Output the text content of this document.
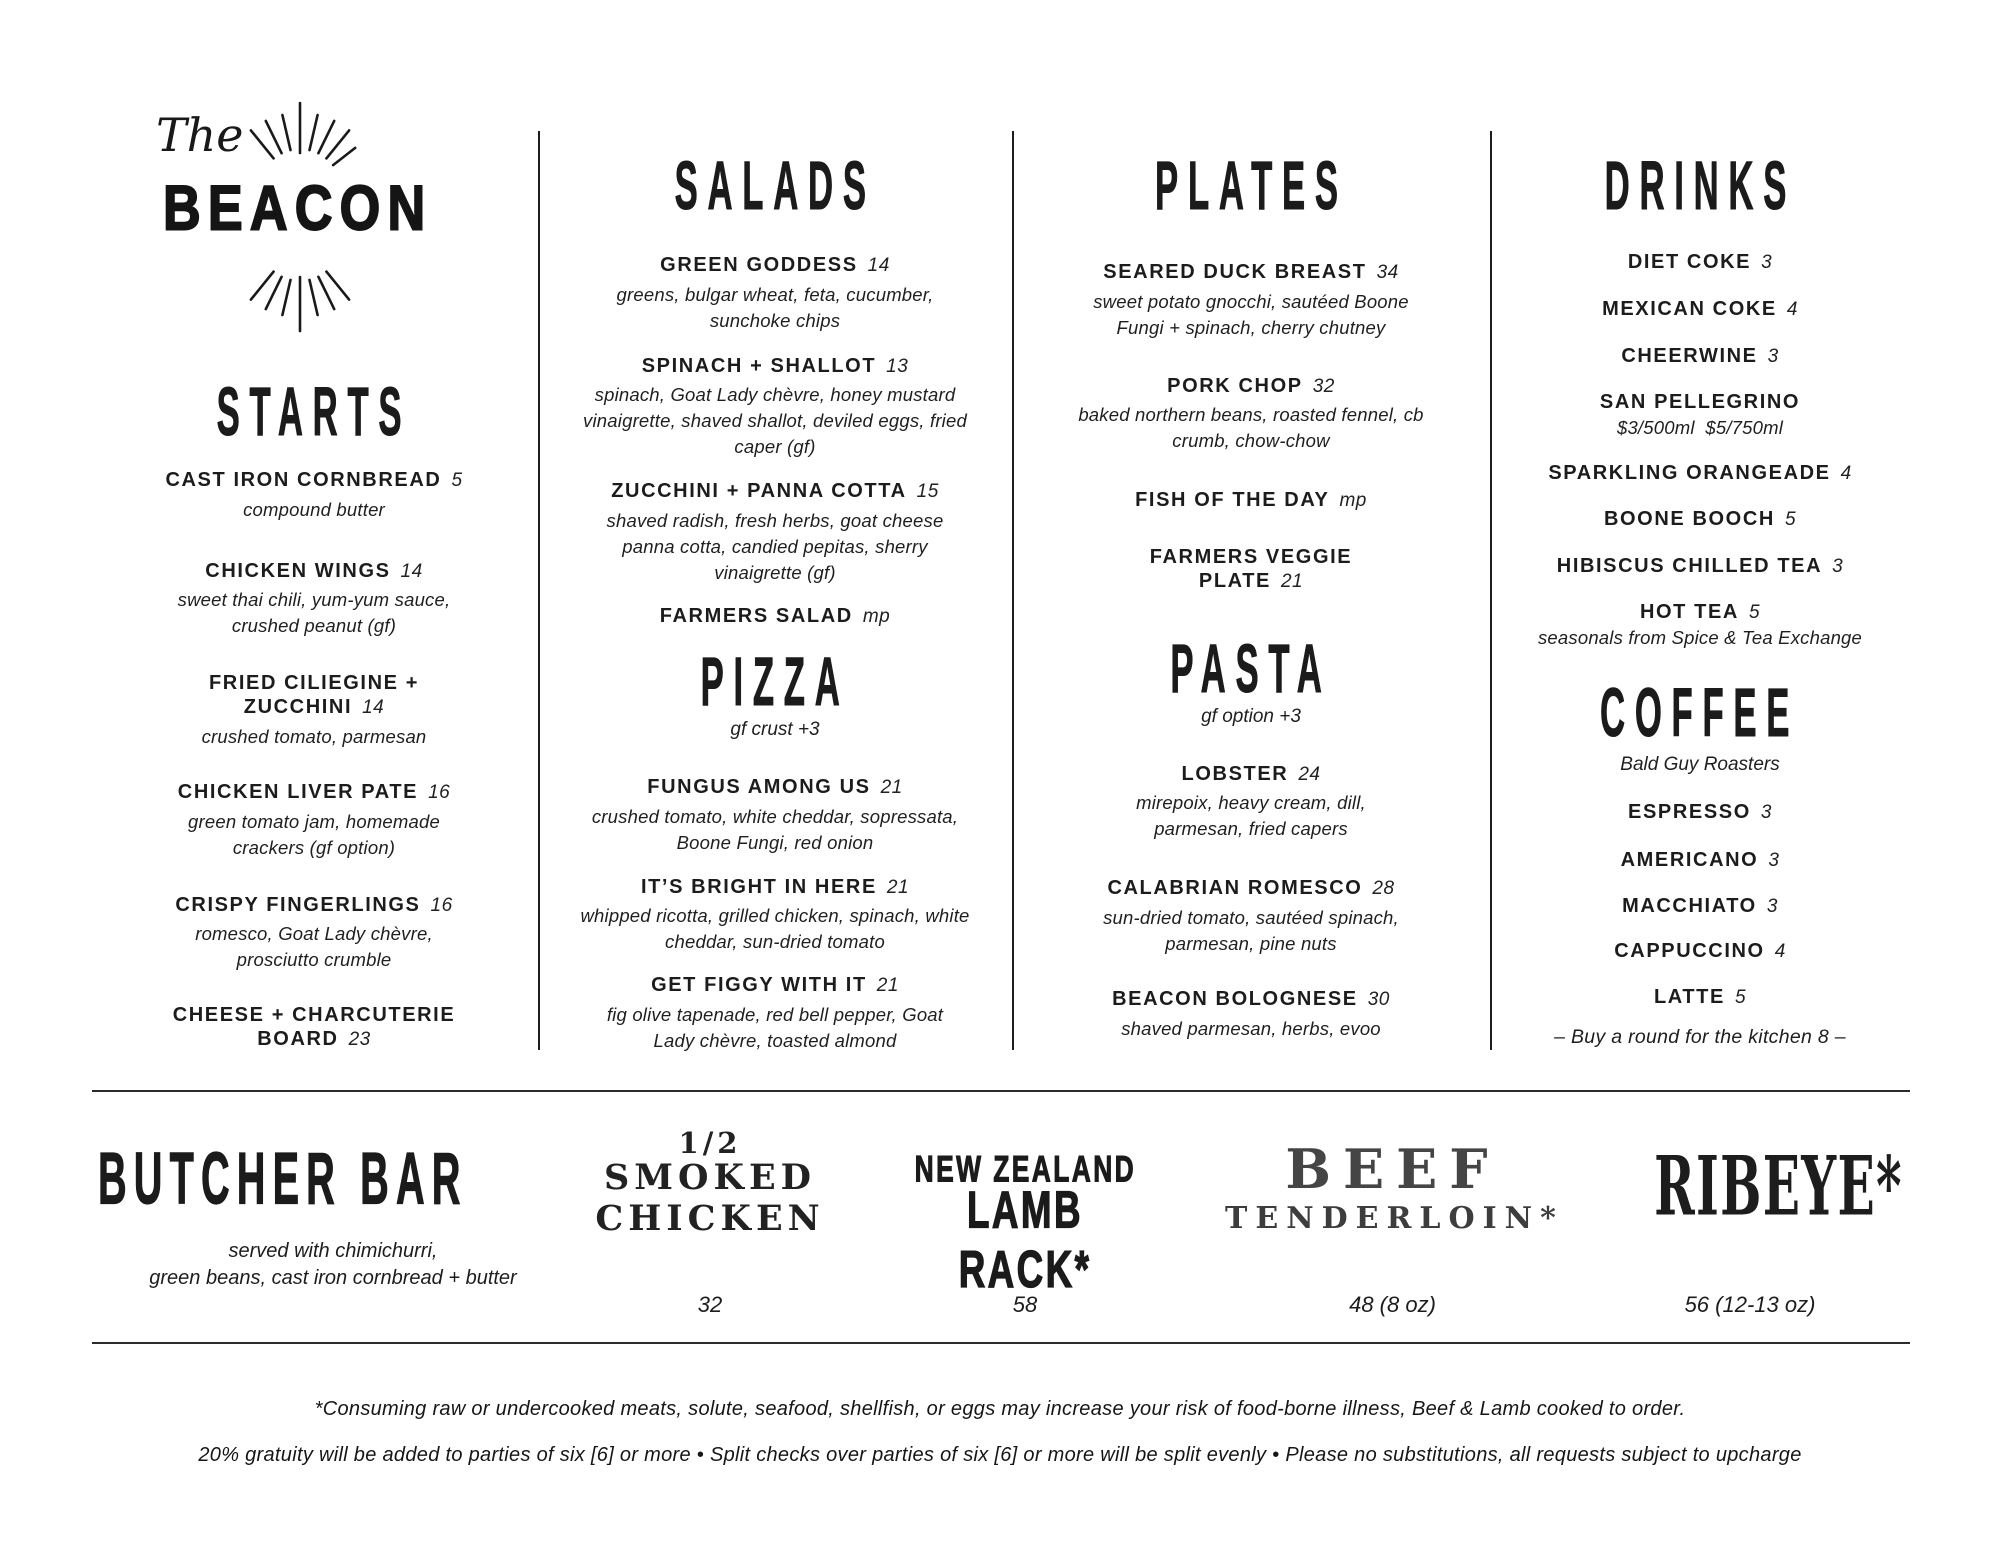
The
BEACON
STARTS
CAST IRON CORNBREAD 5
compound butter
CHICKEN WINGS 14
sweet thai chili, yum-yum sauce, crushed peanut (gf)
FRIED CILIEGINE + ZUCCHINI 14
crushed tomato, parmesan
CHICKEN LIVER PATE 16
green tomato jam, homemade crackers (gf option)
CRISPY FINGERLINGS 16
romesco, Goat Lady chèvre, prosciutto crumble
CHEESE + CHARCUTERIE BOARD 23
SALADS
GREEN GODDESS 14
greens, bulgar wheat, feta, cucumber, sunchoke chips
SPINACH + SHALLOT 13
spinach, Goat Lady chèvre, honey mustard vinaigrette, shaved shallot, deviled eggs, fried caper (gf)
ZUCCHINI + PANNA COTTA 15
shaved radish, fresh herbs, goat cheese panna cotta, candied pepitas, sherry vinaigrette (gf)
FARMERS SALAD mp
PIZZA
gf crust +3
FUNGUS AMONG US 21
crushed tomato, white cheddar, sopressata, Boone Fungi, red onion
IT’S BRIGHT IN HERE 21
whipped ricotta, grilled chicken, spinach, white cheddar, sun-dried tomato
GET FIGGY WITH IT 21
fig olive tapenade, red bell pepper, Goat Lady chèvre, toasted almond
PLATES
SEARED DUCK BREAST 34
sweet potato gnocchi, sautéed Boone Fungi + spinach, cherry chutney
PORK CHOP 32
baked northern beans, roasted fennel, cb crumb, chow-chow
FISH OF THE DAY mp
FARMERS VEGGIE PLATE 21
PASTA
gf option +3
LOBSTER 24
mirepoix, heavy cream, dill, parmesan, fried capers
CALABRIAN ROMESCO 28
sun-dried tomato, sautéed spinach, parmesan, pine nuts
BEACON BOLOGNESE 30
shaved parmesan, herbs, evoo
DRINKS
DIET COKE 3
MEXICAN COKE 4
CHEERWINE 3
SAN PELLEGRINO
$3/500ml  $5/750ml
SPARKLING ORANGEADE 4
BOONE BOOCH 5
HIBISCUS CHILLED TEA 3
HOT TEA 5
seasonals from Spice & Tea Exchange
COFFEE
Bald Guy Roasters
ESPRESSO 3
AMERICANO 3
MACCHIATO 3
CAPPUCCINO 4
LATTE 5
– Buy a round for the kitchen 8 –
BUTCHER BAR
served with chimichurri,
green beans, cast iron cornbread + butter
1/2
SMOKED
CHICKEN
32
NEW ZEALAND
LAMB RACK*
58
BEEF
TENDERLOIN*
48 (8 oz)
RIBEYE*
56 (12-13 oz)
*Consuming raw or undercooked meats, solute, seafood, shellfish, or eggs may increase your risk of food-borne illness, Beef & Lamb cooked to order.
20% gratuity will be added to parties of six [6] or more • Split checks over parties of six [6] or more will be split evenly • Please no substitutions, all requests subject to upcharge
